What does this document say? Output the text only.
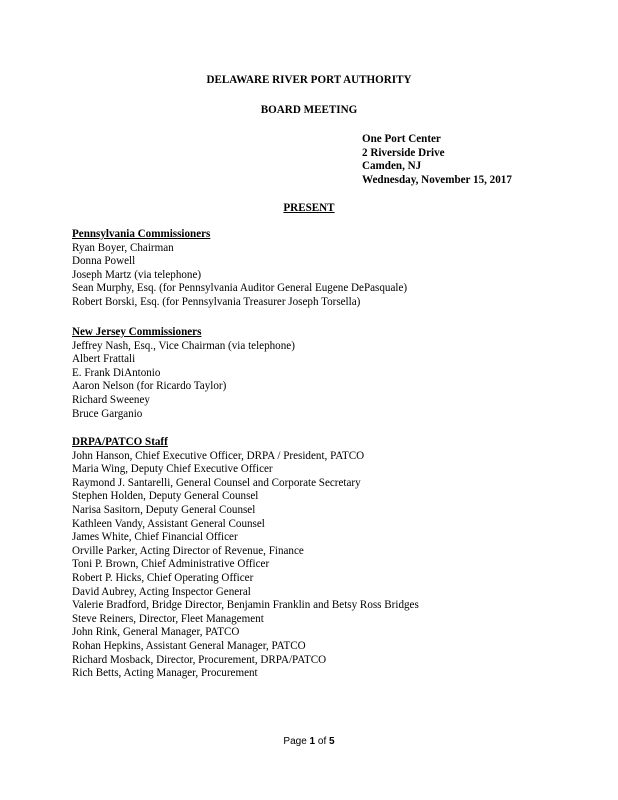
DELAWARE RIVER PORT AUTHORITY
BOARD MEETING
One Port Center
2 Riverside Drive
Camden, NJ
Wednesday, November 15, 2017
PRESENT
Pennsylvania Commissioners
Ryan Boyer, Chairman
Donna Powell
Joseph Martz (via telephone)
Sean Murphy, Esq. (for Pennsylvania Auditor General Eugene DePasquale)
Robert Borski, Esq. (for Pennsylvania Treasurer Joseph Torsella)
New Jersey Commissioners
Jeffrey Nash, Esq., Vice Chairman (via telephone)
Albert Frattali
E. Frank DiAntonio
Aaron Nelson (for Ricardo Taylor)
Richard Sweeney
Bruce Garganio
DRPA/PATCO Staff
John Hanson, Chief Executive Officer, DRPA / President, PATCO
Maria Wing, Deputy Chief Executive Officer
Raymond J. Santarelli, General Counsel and Corporate Secretary
Stephen Holden, Deputy General Counsel
Narisa Sasitorn, Deputy General Counsel
Kathleen Vandy, Assistant General Counsel
James White, Chief Financial Officer
Orville Parker, Acting Director of Revenue, Finance
Toni P. Brown, Chief Administrative Officer
Robert P. Hicks, Chief Operating Officer
David Aubrey, Acting Inspector General
Valerie Bradford, Bridge Director, Benjamin Franklin and Betsy Ross Bridges
Steve Reiners, Director, Fleet Management
John Rink, General Manager, PATCO
Rohan Hepkins, Assistant General Manager, PATCO
Richard Mosback, Director, Procurement, DRPA/PATCO
Rich Betts, Acting Manager, Procurement
Page 1 of 5
